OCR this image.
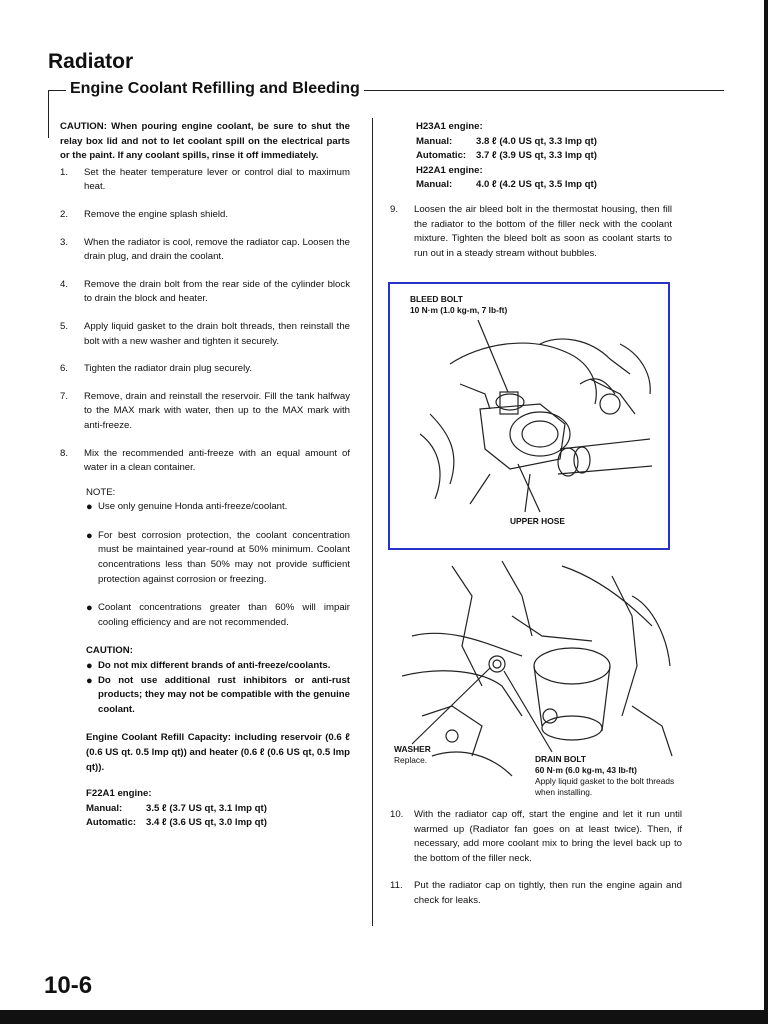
Radiator
Engine Coolant Refilling and Bleeding
CAUTION: When pouring engine coolant, be sure to shut the relay box lid and not to let coolant spill on the electrical parts or the paint. If any coolant spills, rinse it off immediately.
1.	Set the heater temperature lever or control dial to maximum heat.
2.	Remove the engine splash shield.
3.	When the radiator is cool, remove the radiator cap. Loosen the drain plug, and drain the coolant.
4.	Remove the drain bolt from the rear side of the cylinder block to drain the block and heater.
5.	Apply liquid gasket to the drain bolt threads, then reinstall the bolt with a new washer and tighten it securely.
6.	Tighten the radiator drain plug securely.
7.	Remove, drain and reinstall the reservoir. Fill the tank halfway to the MAX mark with water, then up to the MAX mark with anti-freeze.
8.	Mix the recommended anti-freeze with an equal amount of water in a clean container.
NOTE:
● Use only genuine Honda anti-freeze/coolant.
● For best corrosion protection, the coolant concentration must be maintained year-round at 50% minimum. Coolant concentrations less than 50% may not provide sufficient protection against corrosion or freezing.
● Coolant concentrations greater than 60% will impair cooling efficiency and are not recommended.
CAUTION:
● Do not mix different brands of anti-freeze/coolants.
● Do not use additional rust inhibitors or anti-rust products; they may not be compatible with the genuine coolant.
Engine Coolant Refill Capacity: including reservoir (0.6 ℓ (0.6 US qt. 0.5 lmp qt)) and heater (0.6 ℓ (0.6 US qt, 0.5 lmp qt)).
F22A1 engine:
Manual:	3.5 ℓ (3.7 US qt, 3.1 lmp qt)
Automatic:	3.4 ℓ (3.6 US qt, 3.0 lmp qt)
H23A1 engine:
Manual:	3.8 ℓ (4.0 US qt, 3.3 lmp qt)
Automatic:	3.7 ℓ (3.9 US qt, 3.3 lmp qt)
H22A1 engine:
Manual:	4.0 ℓ (4.2 US qt, 3.5 lmp qt)
9.	Loosen the air bleed bolt in the thermostat housing, then fill the radiator to the bottom of the filler neck with the coolant mixture. Tighten the bleed bolt as soon as coolant starts to run out in a steady stream without bubbles.
BLEED BOLT
10 N·m (1.0 kg-m, 7 lb-ft)
UPPER HOSE
WASHER
Replace.	DRAIN BOLT
60 N·m (6.0 kg-m, 43 lb-ft)
Apply liquid gasket to the bolt threads when installing.
10.	With the radiator cap off, start the engine and let it run until warmed up (Radiator fan goes on at least twice). Then, if necessary, add more coolant mix to bring the level back up to the bottom of the filler neck.
11.	Put the radiator cap on tightly, then run the engine again and check for leaks.
10-6
